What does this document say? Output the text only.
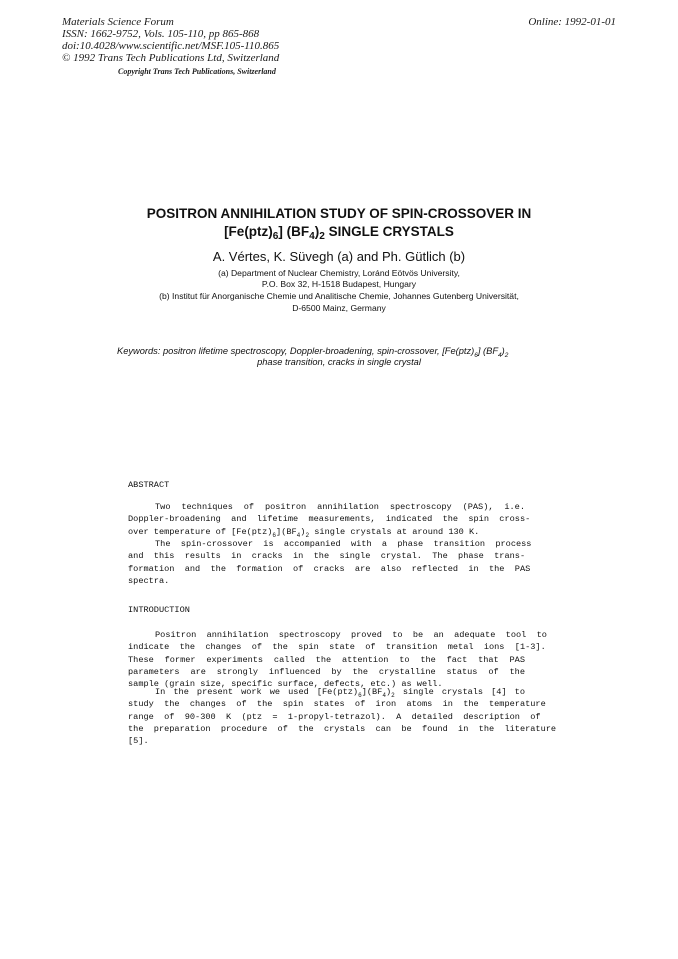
Materials Science Forum
ISSN: 1662-9752, Vols. 105-110, pp 865-868
doi:10.4028/www.scientific.net/MSF.105-110.865
© 1992 Trans Tech Publications Ltd, Switzerland
Online: 1992-01-01
Copyright Trans Tech Publications, Switzerland
POSITRON ANNIHILATION STUDY OF SPIN-CROSSOVER IN
$[Fe(ptz)_6]$ $(BF_4)_2$ SINGLE CRYSTALS
A. Vértes, K. Süvegh (a) and Ph. Gütlich (b)
(a) Department of Nuclear Chemistry, Loránd Eötvös University,
P.O. Box 32, H-1518 Budapest, Hungary
(b) Institut für Anorganische Chemie und Analitische Chemie, Johannes Gutenberg Universität,
D-6500 Mainz, Germany
Keywords: positron lifetime spectroscopy, Doppler-broadening, spin-crossover, $[Fe(ptz)_6]$ $(BF_4)_2$
phase transition, cracks in single crystal
ABSTRACT
Two  techniques  of  positron  annihilation  spectroscopy  (PAS),  i.e.
Doppler-broadening  and  lifetime  measurements,  indicated  the  spin  cross-
over temperature of $[Fe(ptz)_6](BF_4)_2$ single crystals at around 130 K.
The  spin-crossover  is  accompanied  with  a  phase  transition  process
and  this  results  in  cracks  in  the  single  crystal.  The  phase  trans-
formation  and  the  formation  of  cracks  are  also  reflected  in  the  PAS
spectra.
INTRODUCTION
Positron  annihilation  spectroscopy  proved  to  be  an  adequate  tool  to
indicate  the  changes  of  the  spin  state  of  transition  metal  ions  [1-3].
These  former  experiments  called  the  attention  to  the  fact  that  PAS
parameters  are  strongly  influenced  by  the  crystalline  status  of  the
sample (grain size, specific surface, defects, etc.) as well.
In the present work we used $[Fe(ptz)_6](BF_4)_2$ single crystals [4] to
study  the  changes  of  the  spin  states  of  iron  atoms  in  the  temperature
range  of  90-300  K  (ptz  =  1-propyl-tetrazol).  A  detailed  description  of
the  preparation  procedure  of  the  crystals  can  be  found  in  the  literature
[5].
